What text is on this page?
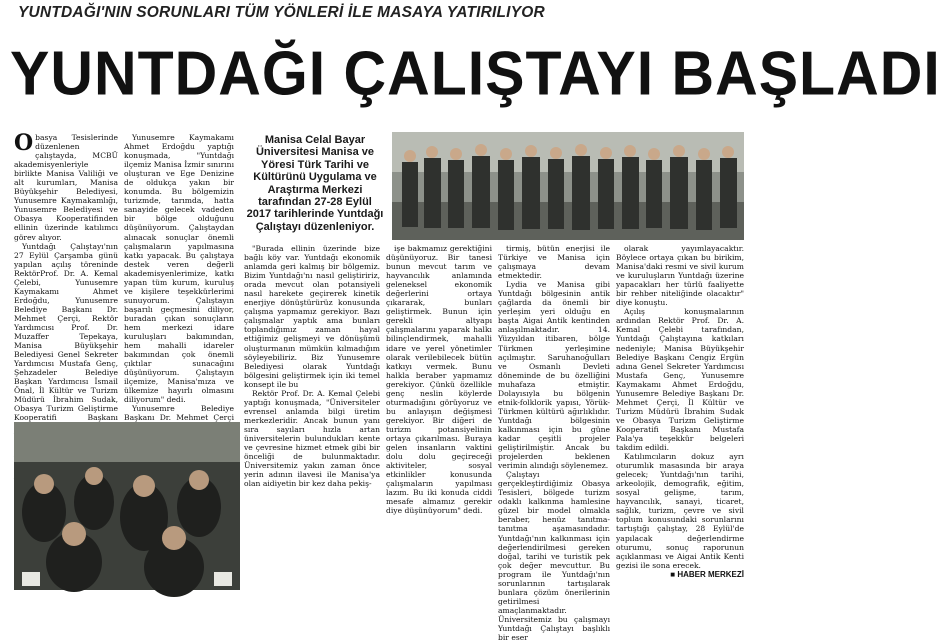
YUNTDAĞI'NIN SORUNLARI TÜM YÖNLERİ İLE MASAYA YATIRILIYOR
YUNTDAĞI ÇALIŞTAYI BAŞLADI

Obasya Tesislerinde düzenlenen çalıştayda, MCBÜ akademisyenleriyle birlikte Manisa Valiliği ve alt kurumları, Manisa Büyükşehir Belediyesi, Yunusemre Kaymakamlığı, Yunusemre Belediyesi ve Obasya Kooperatifinden ellinin üzerinde katılımcı görev alıyor.

Yuntdağı Çalıştayı'nın 27 Eylül Çarşamba günü yapılan açılış töreninde RektörProf. Dr. A. Kemal Çelebi, Yunusemre Kaymakamı Ahmet Erdoğdu, Yunusemre Belediye Başkanı Dr. Mehmet Çerçi, Rektör Yardımcısı Prof. Dr. Muzaffer Tepekaya, Manisa Büyükşehir Belediyesi Genel Sekreter Yardımcısı Mustafa Genç, Şehzadeler Belediye Başkan Yardımcısı İsmail Önal, İl Kültür ve Turizm Müdürü İbrahim Sudak, Obasya Turizm Geliştirme Kooperatifi Başkanı

Yunusemre Kaymakamı Ahmet Erdoğdu yaptığı konuşmada, "Yuntdağı ilçemiz Manisa İzmir sınırını oluşturan ve Ege Denizine de oldukça yakın bir konumda. Bu bölgemizin turizmde, tarımda, hatta sanayide gelecek vadeden bir bölge olduğunu düşünüyorum. Çalıştaydan alınacak sonuçlar önemli çalışmaların yapılmasına katkı yapacak. Bu çalıştaya destek veren değerli akademisyenlerimize, katkı yapan tüm kurum, kuruluş ve kişilere teşekkürlerimi sunuyorum. Çalıştayın başarılı geçmesini diliyor, buradan çıkan sonuçların hem merkezi idare kuruluşları bakımından, hem mahalli idareler bakımından çok önemli çıktılar sunacağını düşünüyorum. Çalıştayın ilçemize, Manisa'mıza ve ülkemize hayırlı olmasını diliyorum" dedi.

Yunusemre Belediye Başkanı Dr. Mehmet Çerçi

Manisa Celal Bayar Üniversitesi Manisa ve Yöresi Türk Tarihi ve Kültürünü Uygulama ve Araştırma Merkezi tarafından 27-28 Eylül 2017 tarihlerinde Yuntdağı Çalıştayı düzenleniyor.

"Burada ellinin üzerinde bize bağlı köy var. Yuntdağı ekonomik anlamda geri kalmış bir bölgemiz. Bizim Yuntdağı'nı nasıl geliştiririz, orada mevcut olan potansiyeli nasıl harekete geçirerek kinetik enerjiye dönüştürürüz konusunda çalışma yapmamız gerekiyor. Bazı çalışmalar yaptık ama bunları toplandığımız zaman hayal ettiğimiz gelişmeyi ve dönüşümü oluşturmanın mümkün kılmadığım söyleyebiliriz. Biz Yunusemre Belediyesi olarak Yuntdağı bölgesini geliştirmek için iki temel konsept ile bu

Rektör Prof. Dr. A. Kemal Çelebi yaptığı konuşmada, "Üniversiteler evrensel anlamda bilgi üretim merkezleridir. Ancak bunun yanı sıra sayıları hızla artan üniversitelerin bulundukları kente ve çevresine hizmet etmek gibi bir önceliği de bulunmaktadır. Üniversitemiz yakın zaman önce yerin adının ilavesi ile Manisa'ya olan aidiyetin bir kez daha pekiş-

işe bakmamız gerektiğini düşünüyoruz. Bir tanesi bunun mevcut tarım ve hayvancılık anlamında geleneksel ekonomik değerlerini ortaya çıkararak, bunları geliştirmek. Bunun için gerekli altyapı çalışmalarını yaparak halkı bilinçlendirmek, mahalli idare ve yerel yönetimler olarak verilebilecek bütün katkıyı vermek. Bunu halkla beraber yapmamız gerekiyor. Çünkü özellikle genç neslin köylerde oturmadığını görüyoruz ve bu anlayışın değişmesi gerekiyor. Bir diğeri de turizm potansiyelinin ortaya çıkarılması. Buraya gelen insanların vaktini dolu dolu geçireceği aktiviteler, sosyal etkinlikler konusunda çalışmaların yapılması lazım. Bu iki konuda ciddi mesafe almamız gerekir diye düşünüyorum" dedi.

tirmiş, bütün enerjisi ile Türkiye ve Manisa için çalışmaya devam etmektedir.

Lydia ve Manisa gibi Yuntdağı bölgesinin antik çağlarda da önemli bir yerleşim yeri olduğu en başta Aigai Antik kentinden anlaşılmaktadır. 14. Yüzyıldan itibaren, bölge Türkmen yerleşimine açılmıştır. Saruhanoğulları ve Osmanlı Devleti döneminde de bu özelliğini muhafaza etmiştir. Dolayısıyla bu bölgenin etnik-folklorik yapısı, Yörük-Türkmen kültürü ağırlıklıdır. Yuntdağı bölgesinin kalkınması için bu güne kadar çeşitli projeler geliştirilmiştir. Ancak bu projelerden beklenen verimin alındığı söylenemez.

Çalıştayı gerçekleştirdiğimiz Obasya Tesisleri, bölgede turizm odaklı kalkınma hamlesine güzel bir model olmakla beraber, henüz tanıtma-tanıtma aşamasındadır. Yuntdağı'nın kalkınması için değerlendirilmesi gereken doğal, tarihi ve turistik pek çok değer mevcuttur. Bu program ile Yuntdağı'nın sorunlarının tartışılarak bunlara çözüm önerilerinin getirilmesi amaçlanmaktadır. Üniversitemiz bu çalışmayı Yuntdağı Çalıştayı başlıklı bir eser

olarak yayımlayacaktır. Böylece ortaya çıkan bu birikim, Manisa'daki resmi ve sivil kurum ve kuruluşların Yuntdağı üzerine yapacakları her türlü faaliyette bir rehber niteliğinde olacaktır" diye konuştu.

Açılış konuşmalarının ardından Rektör Prof. Dr. A. Kemal Çelebi tarafından, Yuntdağı Çalıştayına katkıları nedeniyle; Manisa Büyükşehir Belediye Başkanı Cengiz Ergün adına Genel Sekreter Yardımcısı Mustafa Genç, Yunusemre Kaymakamı Ahmet Erdoğdu, Yunusemre Belediye Başkanı Dr. Mehmet Çerçi, İl Kültür ve Turizm Müdürü İbrahim Sudak ve Obasya Turizm Geliştirme Kooperatifi Başkanı Mustafa Pala'ya teşekkür belgeleri takdim edildi.

Katılımcıların dokuz ayrı oturumlık masasında bir araya gelecek; Yuntdağı'nın tarihi, arkeolojik, demografik, eğitim, sosyal gelişme, tarım, hayvancılık, sanayi, ticaret, sağlık, turizm, çevre ve sivil toplum konusundaki sorunlarını tartıştığı çalıştay, 28 Eylül'de yapılacak değerlendirme oturumu, sonuç raporunun açıklanması ve Aigai Antik Kenti gezisi ile sona erecek.

■ HABER MERKEZİ
